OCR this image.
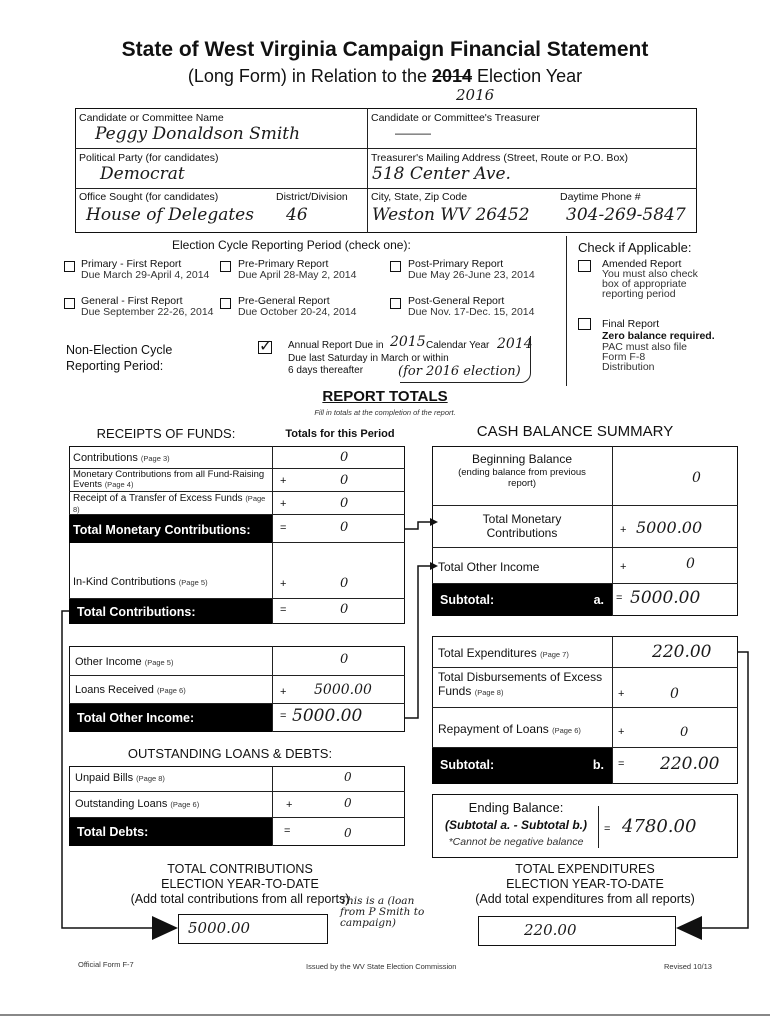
State of West Virginia Campaign Financial Statement
(Long Form) in Relation to the 2014 Election Year
2016
Candidate or Committee Name
Peggy Donaldson Smith
Candidate or Committee's Treasurer
———
Political Party (for candidates)
Democrat
Treasurer's Mailing Address (Street, Route or P.O. Box)
518 Center Ave.
Office Sought (for candidates)	District/Division
House of Delegates 46
City, State, Zip Code	Daytime Phone #
Weston WV 26452 304-269-5847
Election Cycle Reporting Period (check one):
Primary - First Report
Due March 29-April 4, 2014
Pre-Primary Report
Due April 28-May 2, 2014
Post-Primary Report
Due May 26-June 23, 2014
General - First Report
Due September 22-26, 2014
Pre-General Report
Due October 20-24, 2014
Post-General Report
Due Nov. 17-Dec. 15, 2014
Non-Election Cycle Reporting Period:
✓ Annual Report Due in 2015 Calendar Year 2014
Due last Saturday in March or within 6 days thereafter	(for 2016 election)
Check if Applicable:
Amended Report
You must also check box of appropriate reporting period
Final Report
Zero balance required.
PAC must also file Form F-8 Distribution
REPORT TOTALS
Fill in totals at the completion of the report.
RECEIPTS OF FUNDS:	Totals for this Period
Contributions (Page 3)	0
Monetary Contributions from all Fund-Raising Events (Page 4)	+	0
Receipt of a Transfer of Excess Funds (Page 8)	+	0
Total Monetary Contributions:	=	0
In-Kind Contributions (Page 5)	+	0
Total Contributions:	=	0
Other Income (Page 5)	0
Loans Received (Page 6)	+ 5000.00
Total Other Income:	= 5000.00
OUTSTANDING LOANS & DEBTS:
Unpaid Bills (Page 8)	0
Outstanding Loans (Page 6)	+	0
Total Debts:	=	0
CASH BALANCE SUMMARY
Beginning Balance
(ending balance from previous report)	0
Total Monetary Contributions	+ 5000.00
Total Other Income	+	0
Subtotal:	a. = 5000.00
Total Expenditures (Page 7)	220.00
Total Disbursements of Excess Funds (Page 8)	+	0
Repayment of Loans (Page 6)	+	0
Subtotal:	b. = 220.00
Ending Balance:
(Subtotal a. - Subtotal b.)
*Cannot be negative balance
= 4780.00
TOTAL CONTRIBUTIONS
ELECTION YEAR-TO-DATE
(Add total contributions from all reports)
5000.00
This is a (loan from P Smith to campaign)
TOTAL EXPENDITURES
ELECTION YEAR-TO-DATE
(Add total expenditures from all reports)
220.00
Official Form F-7	Issued by the WV State Election Commission	Revised 10/13
